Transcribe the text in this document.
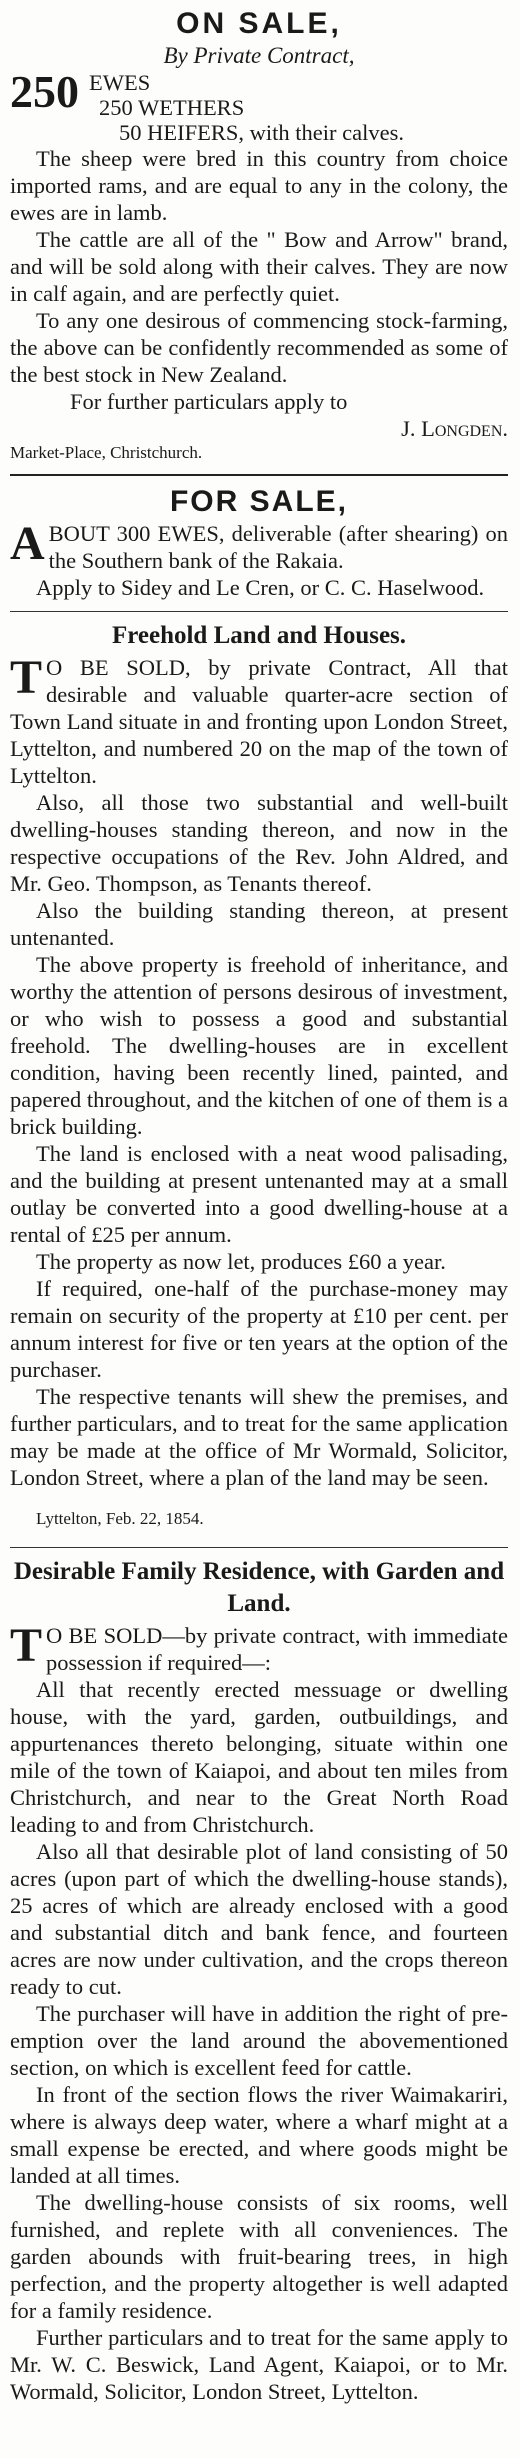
ON SALE,
By Private Contract,
250 EWES
250 WETHERS
50 HEIFERS, with their calves.

The sheep were bred in this country from choice imported rams, and are equal to any in the colony, the ewes are in lamb.

The cattle are all of the " Bow and Arrow" brand, and will be sold along with their calves. They are now in calf again, and are perfectly quiet.

To any one desirous of commencing stock-farming, the above can be confidently recommended as some of the best stock in New Zealand.

For further particulars apply to

J. Longden.

Market-Place, Christchurch.

FOR SALE,
A BOUT 300 EWES, deliverable (after shearing) on the Southern bank of the Rakaia.

Apply to Sidey and Le Cren, or C. C. Haselwood.

Freehold Land and Houses.
T O BE SOLD, by private Contract, All that desirable and valuable quarter-acre section of Town Land situate in and fronting upon London Street, Lyttelton, and numbered 20 on the map of the town of Lyttelton.

Also, all those two substantial and well-built dwelling-houses standing thereon, and now in the respective occupations of the Rev. John Aldred, and Mr. Geo. Thompson, as Tenants thereof.

Also the building standing thereon, at present untenanted.

The above property is freehold of inheritance, and worthy the attention of persons desirous of investment, or who wish to possess a good and substantial freehold. The dwelling-houses are in excellent condition, having been recently lined, painted, and papered throughout, and the kitchen of one of them is a brick building.

The land is enclosed with a neat wood palisading, and the building at present untenanted may at a small outlay be converted into a good dwelling-house at a rental of £25 per annum.

The property as now let, produces £60 a year.

If required, one-half of the purchase-money may remain on security of the property at £10 per cent. per annum interest for five or ten years at the option of the purchaser.

The respective tenants will shew the premises, and further particulars, and to treat for the same application may be made at the office of Mr Wormald, Solicitor, London Street, where a plan of the land may be seen.

Lyttelton, Feb. 22, 1854.

Desirable Family Residence, with Garden and Land.
T O BE SOLD—by private contract, with immediate possession if required—:

All that recently erected messuage or dwelling house, with the yard, garden, outbuildings, and appurtenances thereto belonging, situate within one mile of the town of Kaiapoi, and about ten miles from Christchurch, and near to the Great North Road leading to and from Christchurch.

Also all that desirable plot of land consisting of 50 acres (upon part of which the dwelling-house stands), 25 acres of which are already enclosed with a good and substantial ditch and bank fence, and fourteen acres are now under cultivation, and the crops thereon ready to cut.

The purchaser will have in addition the right of pre-emption over the land around the abovementioned section, on which is excellent feed for cattle.

In front of the section flows the river Waimakariri, where is always deep water, where a wharf might at a small expense be erected, and where goods might be landed at all times.

The dwelling-house consists of six rooms, well furnished, and replete with all conveniences. The garden abounds with fruit-bearing trees, in high perfection, and the property altogether is well adapted for a family residence.

Further particulars and to treat for the same apply to Mr. W. C. Beswick, Land Agent, Kaiapoi, or to Mr. Wormald, Solicitor, London Street, Lyttelton.
